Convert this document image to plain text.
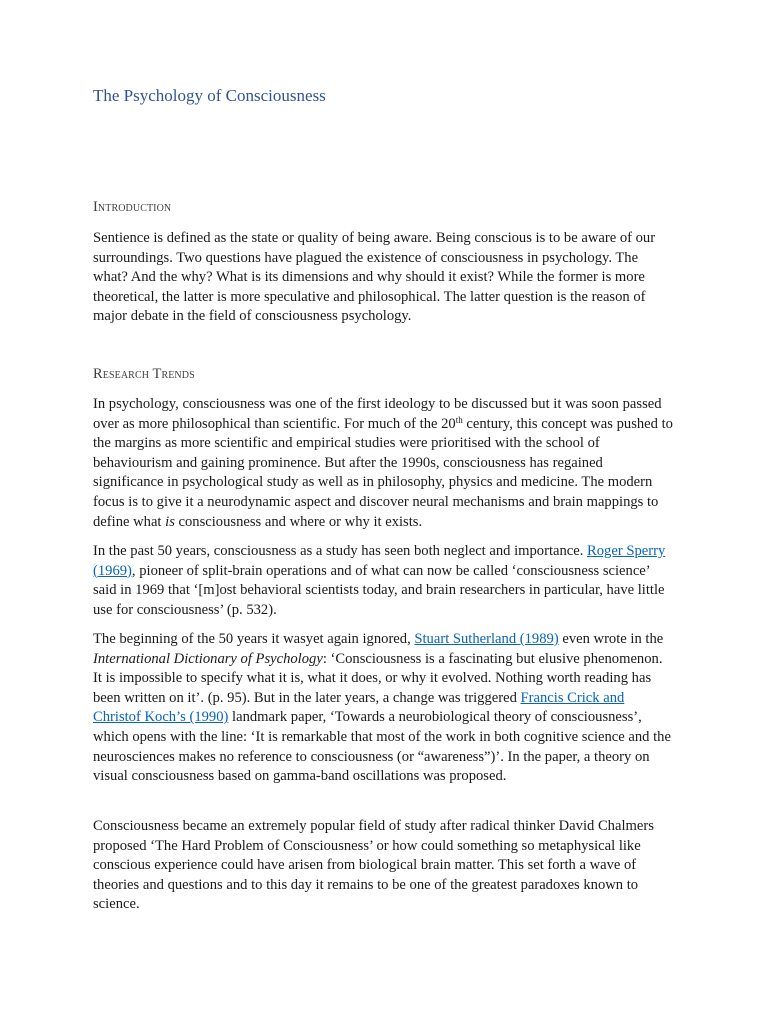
The Psychology of Consciousness
Introduction

Sentience is defined as the state or quality of being aware. Being conscious is to be aware of our surroundings. Two questions have plagued the existence of consciousness in psychology. The what? And the why? What is its dimensions and why should it exist? While the former is more theoretical, the latter is more speculative and philosophical. The latter question is the reason of major debate in the field of consciousness psychology.

Research Trends

In psychology, consciousness was one of the first ideology to be discussed but it was soon passed over as more philosophical than scientific. For much of the 20th century, this concept was pushed to the margins as more scientific and empirical studies were prioritised with the school of behaviourism and gaining prominence. But after the 1990s, consciousness has regained significance in psychological study as well as in philosophy, physics and medicine. The modern focus is to give it a neurodynamic aspect and discover neural mechanisms and brain mappings to define what is consciousness and where or why it exists.

In the past 50 years, consciousness as a study has seen both neglect and importance. Roger Sperry (1969), pioneer of split-brain operations and of what can now be called ‘consciousness science’ said in 1969 that ‘[m]ost behavioral scientists today, and brain researchers in particular, have little use for consciousness’ (p. 532).

The beginning of the 50 years it wasyet again ignored, Stuart Sutherland (1989) even wrote in the International Dictionary of Psychology: ‘Consciousness is a fascinating but elusive phenomenon. It is impossible to specify what it is, what it does, or why it evolved. Nothing worth reading has been written on it’. (p. 95). But in the later years, a change was triggered Francis Crick and Christof Koch’s (1990) landmark paper, ‘Towards a neurobiological theory of consciousness’, which opens with the line: ‘It is remarkable that most of the work in both cognitive science and the neurosciences makes no reference to consciousness (or “awareness”)’. In the paper, a theory on visual consciousness based on gamma-band oscillations was proposed.

Consciousness became an extremely popular field of study after radical thinker David Chalmers proposed ‘The Hard Problem of Consciousness’ or how could something so metaphysical like conscious experience could have arisen from biological brain matter. This set forth a wave of theories and questions and to this day it remains to be one of the greatest paradoxes known to science.
